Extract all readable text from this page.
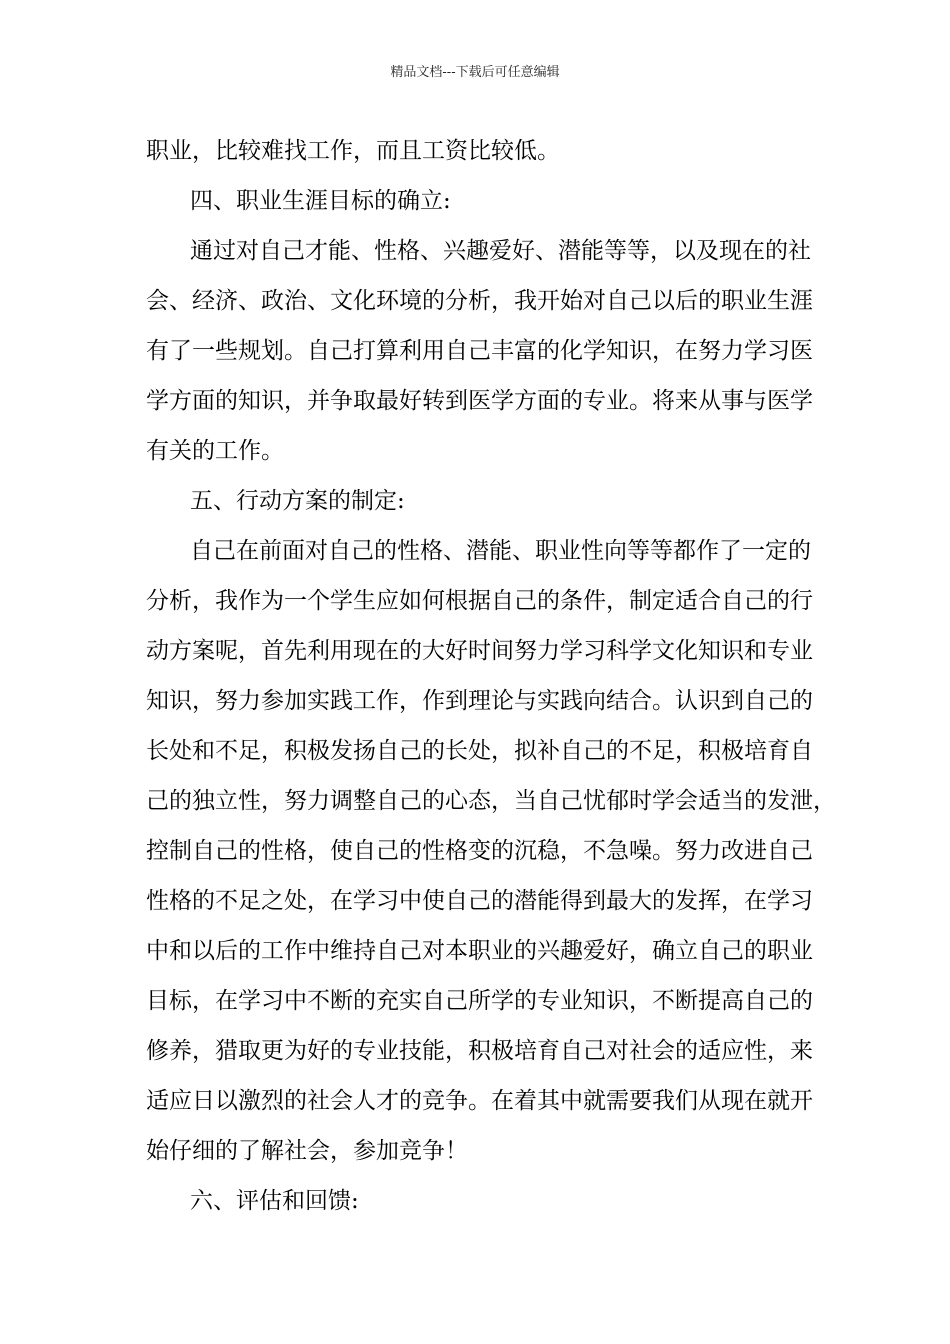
精品文档---下载后可任意编辑
职业，比较难找工作，而且工资比较低。
四、职业生涯目标的确立:
通过对自己才能、性格、兴趣爱好、潜能等等，以及现在的社
会、经济、政治、文化环境的分析，我开始对自己以后的职业生涯
有了一些规划。自己打算利用自己丰富的化学知识，在努力学习医
学方面的知识，并争取最好转到医学方面的专业。将来从事与医学
有关的工作。
五、行动方案的制定:
自己在前面对自己的性格、潜能、职业性向等等都作了一定的
分析，我作为一个学生应如何根据自己的条件，制定适合自己的行
动方案呢，首先利用现在的大好时间努力学习科学文化知识和专业
知识，努力参加实践工作，作到理论与实践向结合。认识到自己的
长处和不足，积极发扬自己的长处，拟补自己的不足，积极培育自
己的独立性，努力调整自己的心态，当自己忧郁时学会适当的发泄，
控制自己的性格，使自己的性格变的沉稳，不急噪。努力改进自己
性格的不足之处，在学习中使自己的潜能得到最大的发挥，在学习
中和以后的工作中维持自己对本职业的兴趣爱好，确立自己的职业
目标，在学习中不断的充实自己所学的专业知识，不断提高自己的
修养，猎取更为好的专业技能，积极培育自己对社会的适应性，来
适应日以激烈的社会人才的竞争。在着其中就需要我们从现在就开
始仔细的了解社会，参加竞争！
六、评估和回馈:
